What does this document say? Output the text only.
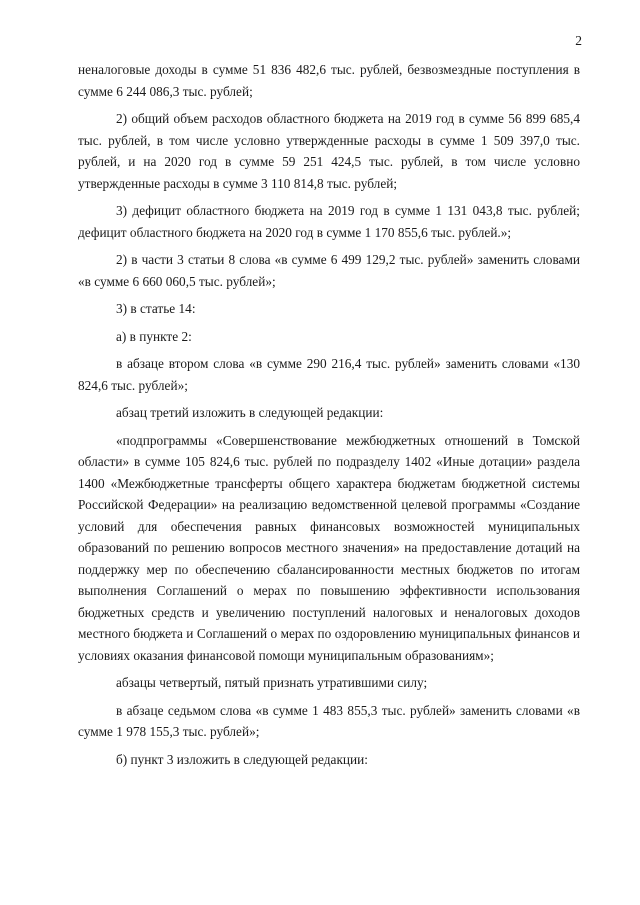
2

неналоговые доходы в сумме 51 836 482,6 тыс. рублей, безвозмездные поступления в сумме 6 244 086,3 тыс. рублей;

2) общий объем расходов областного бюджета на 2019 год в сумме 56 899 685,4 тыс. рублей, в том числе условно утвержденные расходы в сумме 1 509 397,0 тыс. рублей, и на 2020 год в сумме 59 251 424,5 тыс. рублей, в том числе условно утвержденные расходы в сумме 3 110 814,8 тыс. рублей;

3) дефицит областного бюджета на 2019 год в сумме 1 131 043,8 тыс. рублей; дефицит областного бюджета на 2020 год в сумме 1 170 855,6 тыс. рублей.»;

2) в части 3 статьи 8 слова «в сумме 6 499 129,2 тыс. рублей» заменить словами «в сумме 6 660 060,5 тыс. рублей»;

3) в статье 14:

а) в пункте 2:

в абзаце втором слова «в сумме 290 216,4 тыс. рублей» заменить словами «130 824,6 тыс. рублей»;

абзац третий изложить в следующей редакции:

«подпрограммы «Совершенствование межбюджетных отношений в Томской области» в сумме 105 824,6 тыс. рублей по подразделу 1402 «Иные дотации» раздела 1400 «Межбюджетные трансферты общего характера бюджетам бюджетной системы Российской Федерации» на реализацию ведомственной целевой программы «Создание условий для обеспечения равных финансовых возможностей муниципальных образований по решению вопросов местного значения» на предоставление дотаций на поддержку мер по обеспечению сбалансированности местных бюджетов по итогам выполнения Соглашений о мерах по повышению эффективности использования бюджетных средств и увеличению поступлений налоговых и неналоговых доходов местного бюджета и Соглашений о мерах по оздоровлению муниципальных финансов и условиях оказания финансовой помощи муниципальным образованиям»;

абзацы четвертый, пятый признать утратившими силу;

в абзаце седьмом слова «в сумме 1 483 855,3 тыс. рублей» заменить словами «в сумме 1 978 155,3 тыс. рублей»;

б) пункт 3 изложить в следующей редакции:
